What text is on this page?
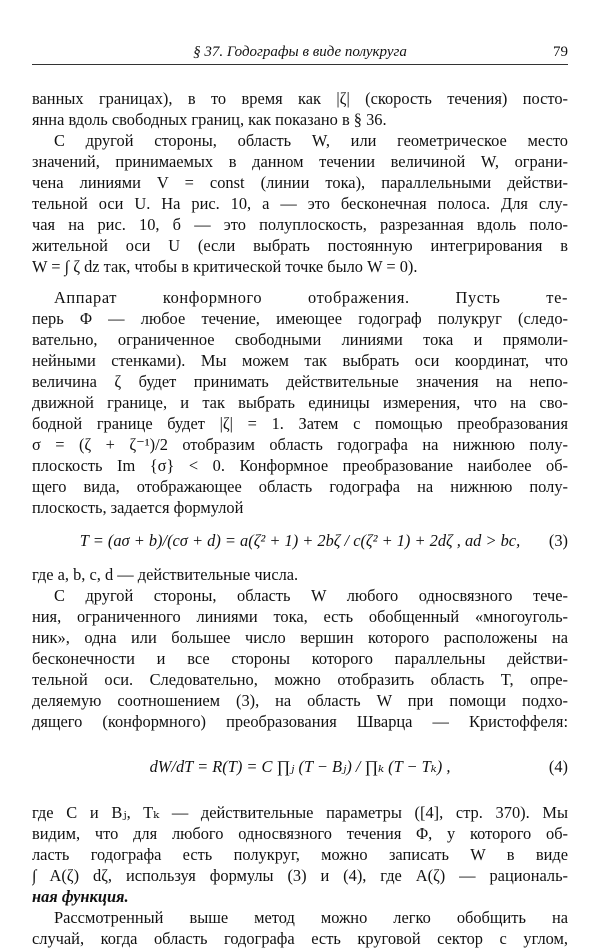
§ 37. Годографы в виде полукруга	79
ванных границах), в то время как |ζ| (скорость течения) посто-
янна вдоль свободных границ, как показано в § 36.
С другой стороны, область W, или геометрическое место
значений, принимаемых в данном течении величиной W, ограни-
чена линиями V = const (линии тока), параллельными действи-
тельной оси U. На рис. 10, а — это бесконечная полоса. Для слу-
чая на рис. 10, б — это полуплоскость, разрезанная вдоль поло-
жительной оси U (если выбрать постоянную интегрирования в
W = ∫ ζ dz так, чтобы в критической точке было W = 0).
Аппарат конформного отображения. Пусть те-
перь Φ — любое течение, имеющее годограф полукруг (следо-
вательно, ограниченное свободными линиями тока и прямоли-
нейными стенками). Мы можем так выбрать оси координат, что
величина ζ будет принимать действительные значения на непо-
движной границе, и так выбрать единицы измерения, что на сво-
бодной границе будет |ζ| = 1. Затем с помощью преобразования
σ = (ζ + ζ⁻¹)/2 отобразим область годографа на нижнюю полу-
плоскость Im {σ} < 0. Конформное преобразование наиболее об-
щего вида, отображающее область годографа на нижнюю полу-
плоскость, задается формулой
T = (aσ + b)/(cσ + d) = a(ζ² + 1) + 2bζ / c(ζ² + 1) + 2dζ , ad > bc,	(3)
где a, b, c, d — действительные числа.
С другой стороны, область W любого односвязного тече-
ния, ограниченного линиями тока, есть обобщенный «многоуголь-
ник», одна или большее число вершин которого расположены на
бесконечности и все стороны которого параллельны действи-
тельной оси. Следовательно, можно отобразить область T, опре-
деляемую соотношением (3), на область W при помощи подхо-
дящего (конформного) преобразования Шварца — Кристоффеля:
dW/dT = R(T) = C ∏ⱼ (T − Bⱼ) / ∏ₖ (T − Tₖ) ,	(4)
где C и Bⱼ, Tₖ — действительные параметры ([4], стр. 370). Мы
видим, что для любого односвязного течения Φ, у которого об-
ласть годографа есть полукруг, можно записать W в виде
∫ A(ζ) dζ, используя формулы (3) и (4), где A(ζ) — рациональ-
ная функция.
Рассмотренный выше метод можно легко обобщить на
случай, когда область годографа есть круговой сектор с углом,
